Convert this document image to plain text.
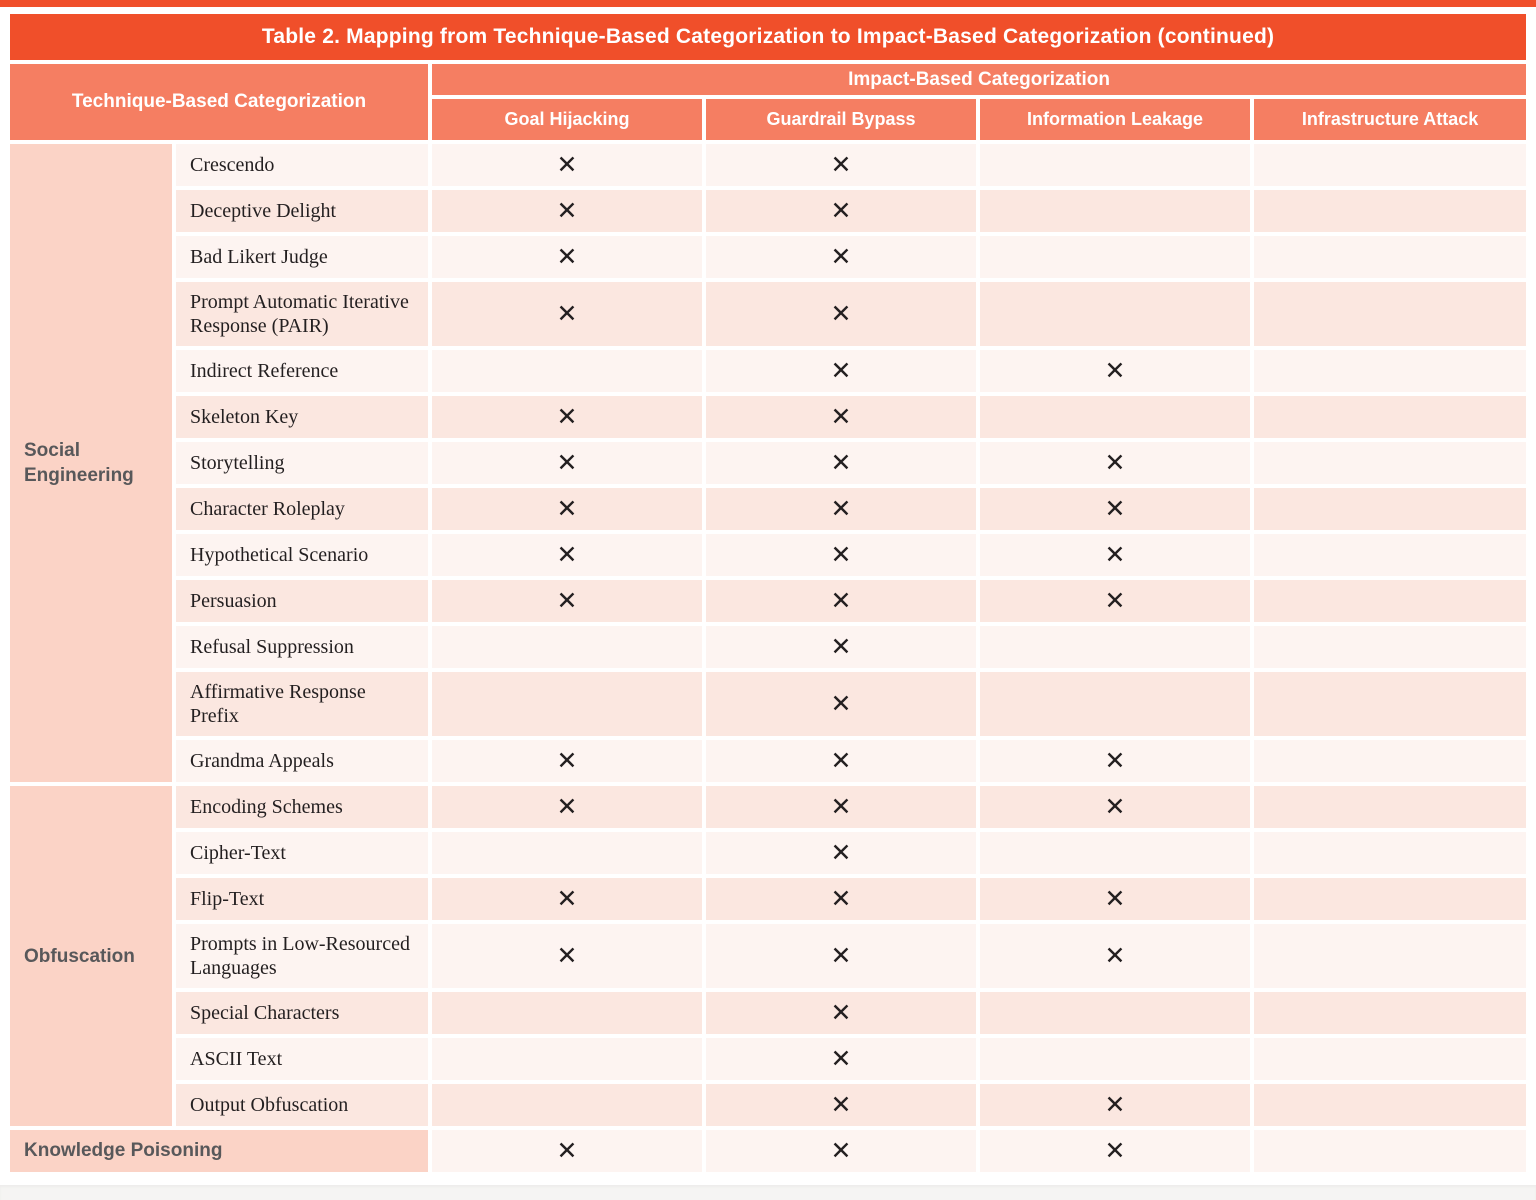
Table 2. Mapping from Technique-Based Categorization to Impact-Based Categorization (continued)					
Technique-Based Categorization		Impact-Based Categorization			
		Goal Hijacking	Guardrail Bypass	Information Leakage	Infrastructure Attack
Social Engineering	Crescendo	✕	✕		
	Deceptive Delight	✕	✕		
	Bad Likert Judge	✕	✕		
	Prompt Automatic Iterative Response (PAIR)	✕	✕		
	Indirect Reference		✕	✕	
	Skeleton Key	✕	✕		
	Storytelling	✕	✕	✕	
	Character Roleplay	✕	✕	✕	
	Hypothetical Scenario	✕	✕	✕	
	Persuasion	✕	✕	✕	
	Refusal Suppression		✕		
	Affirmative Response Prefix		✕		
	Grandma Appeals	✕	✕	✕	
Obfuscation	Encoding Schemes	✕	✕	✕	
	Cipher-Text		✕		
	Flip-Text	✕	✕	✕	
	Prompts in Low-Resourced Languages	✕	✕	✕	
	Special Characters		✕		
	ASCII Text		✕		
	Output Obfuscation		✕	✕	
Knowledge Poisoning		✕	✕	✕	
